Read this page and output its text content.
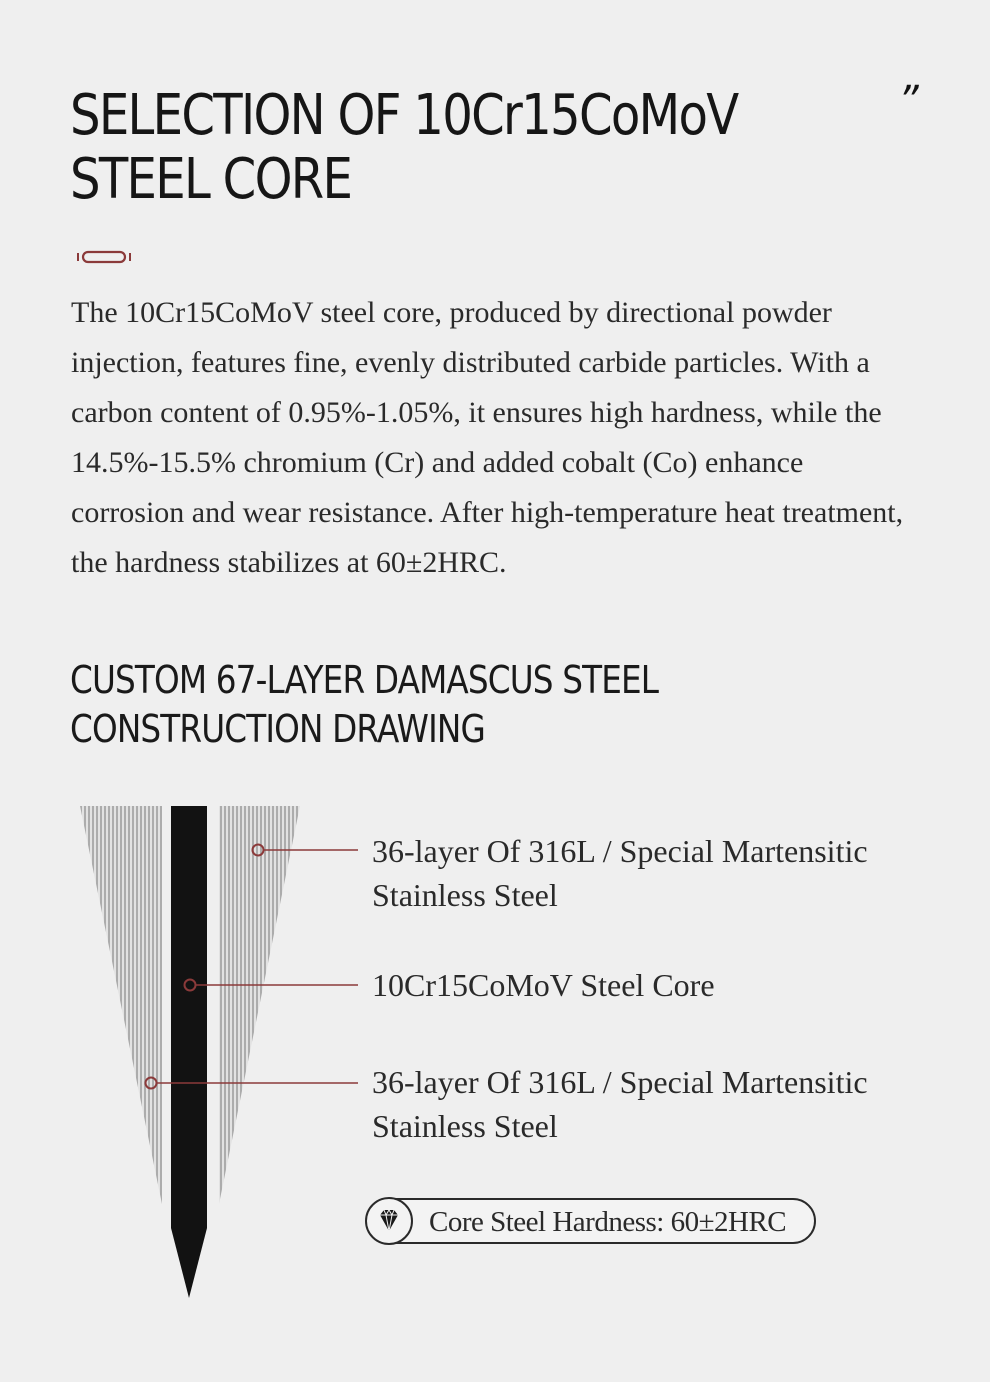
SELECTION OF 10Cr15CoMoV
STEEL CORE
”

The 10Cr15CoMoV steel core, produced by directional powder injection, features fine, evenly distributed carbide particles. With a carbon content of 0.95%-1.05%, it ensures high hardness, while the 14.5%-15.5% chromium (Cr) and added cobalt (Co) enhance corrosion and wear resistance. After high-temperature heat treatment, the hardness stabilizes at 60±2HRC.

CUSTOM 67-LAYER DAMASCUS STEEL
CONSTRUCTION DRAWING

36-layer Of 316L / Special Martensitic
Stainless Steel

10Cr15CoMoV Steel Core

36-layer Of 316L / Special Martensitic
Stainless Steel

Core Steel Hardness: 60±2HRC
